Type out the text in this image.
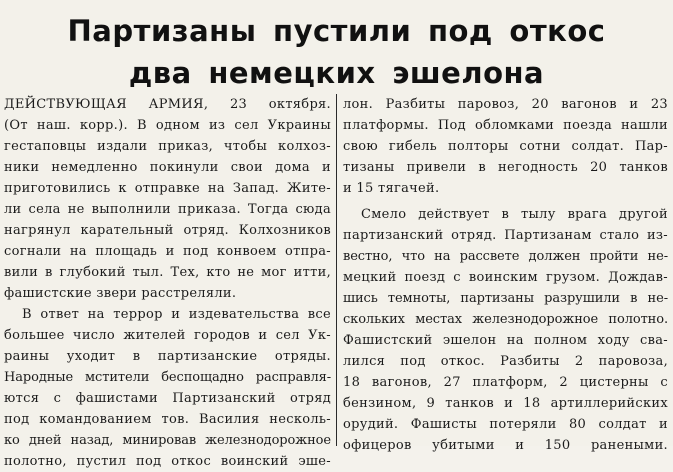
Партизаны пустили под откос
два немецких эшелона
ДЕЙСТВУЮЩАЯ АРМИЯ, 23 октября.
(От наш. корр.). В одном из сел Украины
гестаповцы издали приказ, чтобы колхоз-
ники немедленно покинули свои дома и
приготовились к отправке на Запад. Жите-
ли села не выполнили приказа. Тогда сюда
нагрянул карательный отряд. Колхозников
согнали на площадь и под конвоем отпра-
вили в глубокий тыл. Тех, кто не мог итти,
фашистские звери расстреляли.
В ответ на террор и издевательства все
большее число жителей городов и сел Ук-
раины уходит в партизанские отряды.
Народные мстители беспощадно расправля-
ются с фашистами Партизанский отряд
под командованием тов. Василия несколь-
ко дней назад, минировав железнодорожное
полотно, пустил под откос воинский эше-
лон. Разбиты паровоз, 20 вагонов и 23
платформы. Под обломками поезда нашли
свою гибель полторы сотни солдат. Пар-
тизаны привели в негодность 20 танков
и 15 тягачей.
Смело действует в тылу врага другой
партизанский отряд. Партизанам стало из-
вестно, что на рассвете должен пройти не-
мецкий поезд с воинским грузом. Дождав-
шись темноты, партизаны разрушили в не-
скольких местах железнодорожное полотно.
Фашистский эшелон на полном ходу сва-
лился под откос. Разбиты 2 паровоза,
18 вагонов, 27 платформ, 2 цистерны с
бензином, 9 танков и 18 артиллерийских
орудий. Фашисты потеряли 80 солдат и
офицеров убитыми и 150 ранеными.
